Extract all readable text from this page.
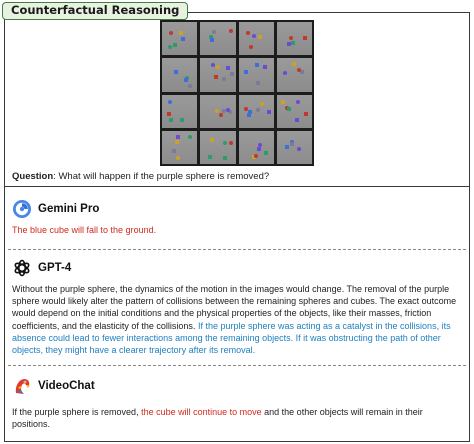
Counterfactual Reasoning
Question: What will happen if the purple sphere is removed?
Gemini Pro
The blue cube will fall to the ground.
GPT-4
Without the purple sphere, the dynamics of the motion in the images would change. The removal of the purple sphere would likely alter the pattern of collisions between the remaining spheres and cubes. The exact outcome would depend on the initial conditions and the physical properties of the objects, like their masses, friction coefficients, and the elasticity of the collisions. If the purple sphere was acting as a catalyst in the collisions, its absence could lead to fewer interactions among the remaining objects. If it was obstructing the path of other objects, they might have a clearer trajectory after its removal.
VideoChat
If the purple sphere is removed, the cube will continue to move and the other objects will remain in their positions.
